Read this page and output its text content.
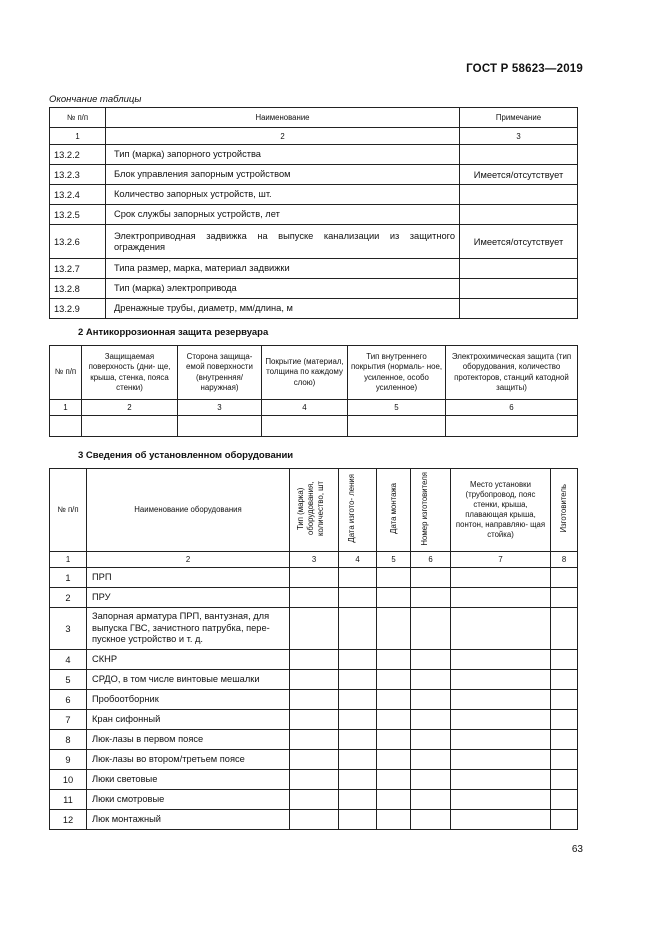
ГОСТ Р 58623—2019
Окончание таблицы
№ п/п	Наименование	Примечание
1	2	3
13.2.2	Тип (марка) запорного устройства	
13.2.3	Блок управления запорным устройством	Имеется/отсутствует
13.2.4	Количество запорных устройств, шт.	
13.2.5	Срок службы запорных устройств, лет	
13.2.6	Электроприводная задвижка на выпуске канализации из защитного ограждения	Имеется/отсутствует
13.2.7	Типа размер, марка, материал задвижки	
13.2.8	Тип (марка) электропривода	
13.2.9	Дренажные трубы, диаметр, мм/длина, м	
2 Антикоррозионная защита резервуара
№ п/п	Защищаемая поверхность (дни- ще, крыша, стенка, пояса стенки)	Сторона защища- емой поверхности (внутренняя/ наружная)	Покрытие (материал, толщина по каждому слою)	Тип внутреннего покрытия (нормаль- ное, усиленное, особо усиленное)	Электрохимическая защита (тип оборудования, количество протекторов, станций катодной защиты)
1	2	3	4	5	6

3 Сведения об установленном оборудовании
№ п/п	Наименование оборудования	Тип (марка) оборудования, количество, шт	Дата изгото- ления	Дата монтажа	Номер изготовителя	Место установки (трубопровод, пояс стенки, крыша, плавающая крыша, понтон, направляю- щая стойка)	Изготовитель
1	2	3	4	5	6	7	8
1	ПРП						
2	ПРУ						
3	Запорная арматура ПРП, вантузная, для выпуска ГВС, зачистного патрубка, пере- пускное устройство и т. д.						
4	СКНР						
5	СРДО, в том числе винтовые мешалки						
6	Пробоотборник						
7	Кран сифонный						
8	Люк-лазы в первом поясе						
9	Люк-лазы во втором/третьем поясе						
10	Люки световые						
11	Люки смотровые						
12	Люк монтажный						
63
